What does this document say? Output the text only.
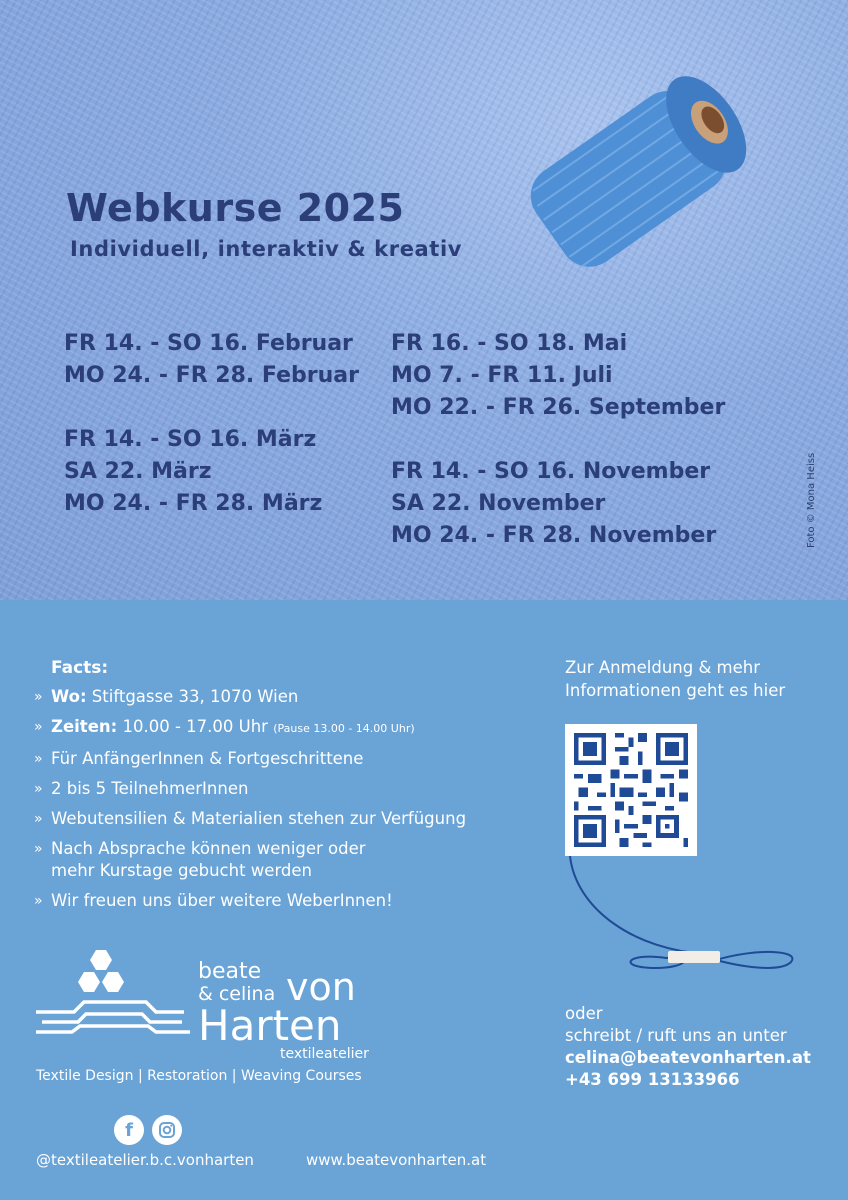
Webkurse 2025
Individuell, interaktiv & kreativ
FR 14. - SO 16. Februar
MO 24. - FR 28. Februar
FR 14. - SO 16. März
SA 22. März
MO 24. - FR 28. März
FR 16. - SO 18. Mai
MO 7. - FR 11. Juli
MO 22. - FR 26. September
FR 14. - SO 16. November
SA 22. November
MO 24. - FR 28. November	Foto © Mona Heiss
Facts:
» Wo: Stiftgasse 33, 1070 Wien
» Zeiten: 10.00 - 17.00 Uhr (Pause 13.00 - 14.00 Uhr)
» Für AnfängerInnen & Fortgeschrittene
» 2 bis 5 TeilnehmerInnen
» Webutensilien & Materialien stehen zur Verfügung
» Nach Absprache können weniger oder
mehr Kurstage gebucht werden
» Wir freuen uns über weitere WeberInnen!
Zur Anmeldung & mehr
Informationen geht es hier
oder
schreibt / ruft uns an unter
celina@beatevonharten.at
+43 699 13133966
beate
& celina von
Harten
textileatelier
Textile Design | Restoration | Weaving Courses
f
@textileatelier.b.c.vonharten	www.beatevonharten.at
